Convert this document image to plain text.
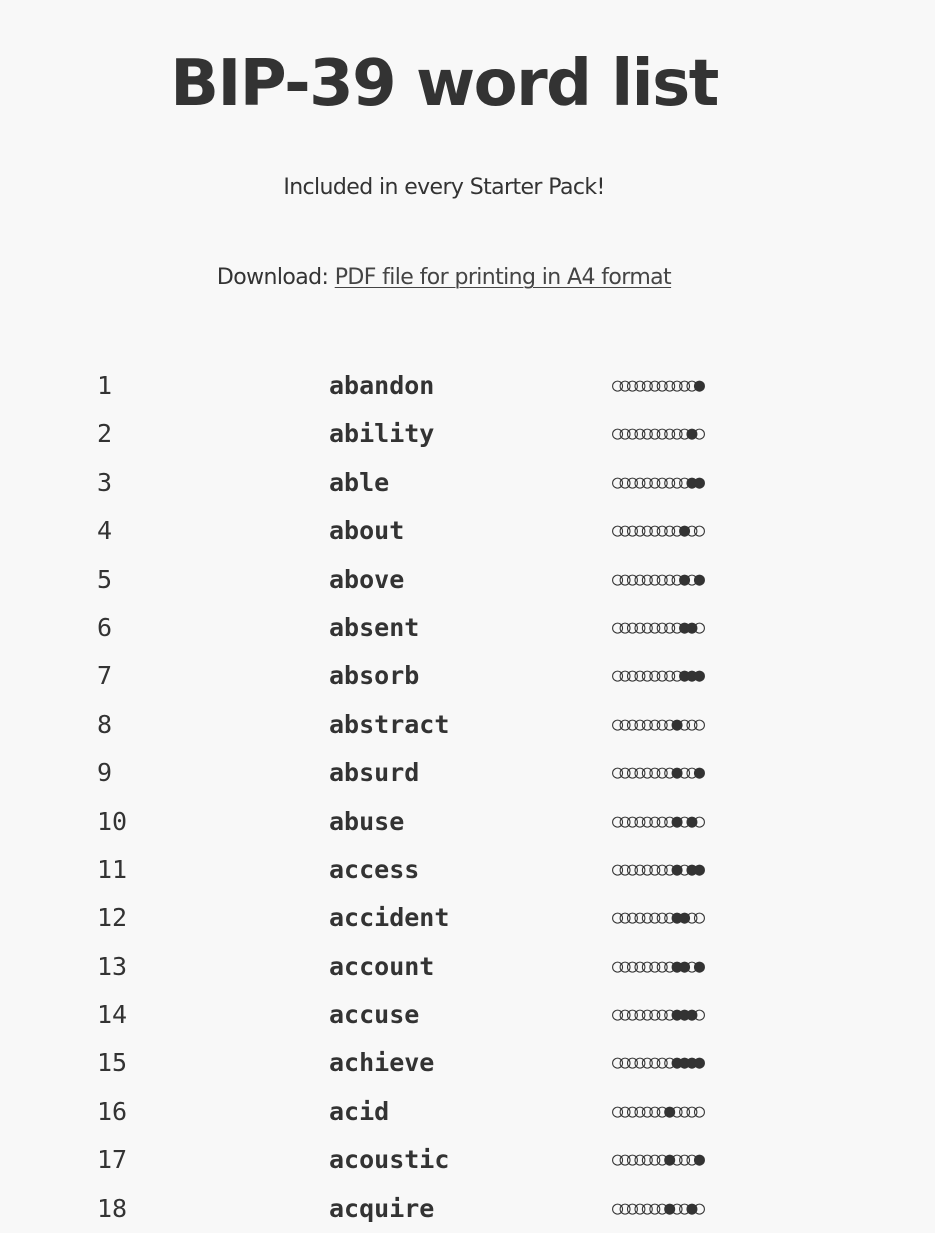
BIP-39 word list

Included in every Starter Pack!

Download: PDF file for printing in A4 format

1	abandon	○○○○○○○○○○○●
2	ability	○○○○○○○○○○●○
3	able	○○○○○○○○○○●●
4	about	○○○○○○○○○●○○
5	above	○○○○○○○○○●○●
6	absent	○○○○○○○○○●●○
7	absorb	○○○○○○○○○●●●
8	abstract	○○○○○○○○●○○○
9	absurd	○○○○○○○○●○○●
10	abuse	○○○○○○○○●○●○
11	access	○○○○○○○○●○●●
12	accident	○○○○○○○○●●○○
13	account	○○○○○○○○●●○●
14	accuse	○○○○○○○○●●●○
15	achieve	○○○○○○○○●●●●
16	acid	○○○○○○○●○○○○
17	acoustic	○○○○○○○●○○○●
18	acquire	○○○○○○○●○○●○
